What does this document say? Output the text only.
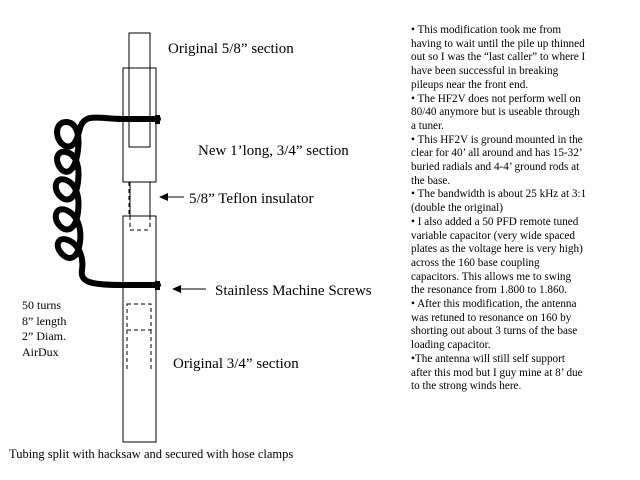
Original 5/8” section
New 1’long, 3/4” section
5/8” Teflon insulator
Stainless Machine Screws
Original 3/4” section
Tubing split with hacksaw and secured with hose clamps
50 turns
8” length
2” Diam.
AirDux
• This modification took me from
having to wait until the pile up thinned
out so I was the “last caller” to where I
have been successful in breaking
pileups near the front end.
• The HF2V does not perform well on
80/40 anymore but is useable through
a tuner.
• This HF2V is ground mounted in the
clear for 40’ all around and has 15-32’
buried radials and 4-4’ ground rods at
the base.
• The bandwidth is about 25 kHz at 3:1
(double the original)
• I also added a 50 PFD remote tuned
variable capacitor (very wide spaced
plates as the voltage here is very high)
across the 160 base coupling
capacitors. This allows me to swing
the resonance from 1.800 to 1.860.
• After this modification, the antenna
was retuned to resonance on 160 by
shorting out about 3 turns of the base
loading capacitor.
•The antenna will still self support
after this mod but I guy mine at 8’ due
to the strong winds here.
